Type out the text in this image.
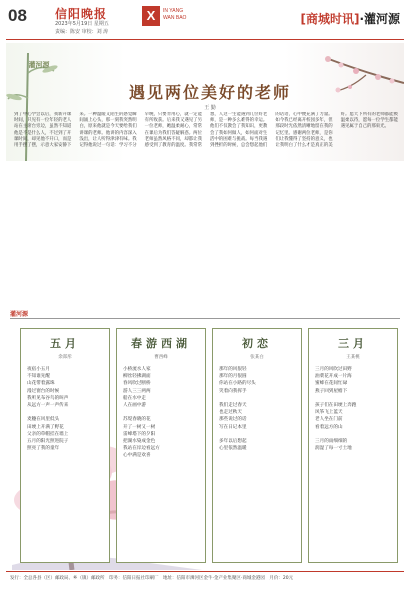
08 信阳晚报
2023年5月19日 星期五
责编：陈安 审校：刘 涛
X	IN YANG
WAN BAO	[商城时讯]·灌河源
灌河源
遇见两位美好的老师
王 勤
到了中心学会以后，我新开课时间，只见有一位年轻的老人站在主席台旁边，虽然不知道他是不是什么人，不过到了开课时间，却见他不开口，而是用手摆了摆，示意大家安静下来。一种温暖又陌生的感觉瞬间涌上心头，那一刻我突然明白，原来他就是今天要给我们讲课的老师。他讲的内容深入浅出，让人听得津津有味。我记得他说过一句话：学习不分早晚，只要肯用心，就一定能有所收获。后来我又遇见了另一位老师，她温柔耐心，常常在课后为我们答疑解惑。两位老师虽然风格不同，却都让我感受到了教育的温度。我常常想，人这一生能遇到几位好老师，是一种多么难得的幸运。他们不仅教会了我知识，更教会了我如何做人，如何面对生活中的困难与挑战。每当我遇到挫折的时候，总会想起他们的话语，心中便充满了力量。如今我已经离开校园多年，但那段时光依然清晰地留在我的记忆里。感谢两位老师，是你们让我懂得了坚持的意义，也让我明白了什么才是真正的美好。愿天下所有的老师都能被温柔以待，愿每一位学生都能遇见属于自己的那束光。
灌河源
五月
余郑彤
夜宿小五月
不知谁先醒
山花带着露珠
漫过窗台的时候
我听见布谷鸟的叫声
从远方一声一声传来

麦穗在风里低头
田埂上开满了野花
父亲的草帽挂在墙上
五月的阳光照进院子
照亮了我的童年
春游西湖
曹西峰
小桥流水人家
柳丝轻拂湖面
春风吹过断桥
游人三三两两
船在水中走
人在画中游

苏堤春晓的花
开了一树又一树
雷峰塔下的夕阳
把湖水染成金色
我站在岸边看远方
心中满是欢喜
初恋
张某白
那年的风很轻
那年的月很圆
你站在小路的尽头
笑着向我挥手

我们走过春天
也走过秋天
那些说过的话
写在日记本里

多年以后想起
心里依然温暖
三月
王某桃
三月的风吹过田野
油菜花开成一片海
蜜蜂在花间忙碌
燕子回到屋檐下

孩子们在田埂上奔跑
风筝飞上蓝天
老人坐在门前
看着远方的山

三月的雨细细的
润湿了每一寸土地
发行：全总各县（区）邮政局、乡（镇）邮政所　印务：信阳日报社印刷厂　地址：信阳市浉河区金牛·金产业集聚区·商城金港园　月价：20元
